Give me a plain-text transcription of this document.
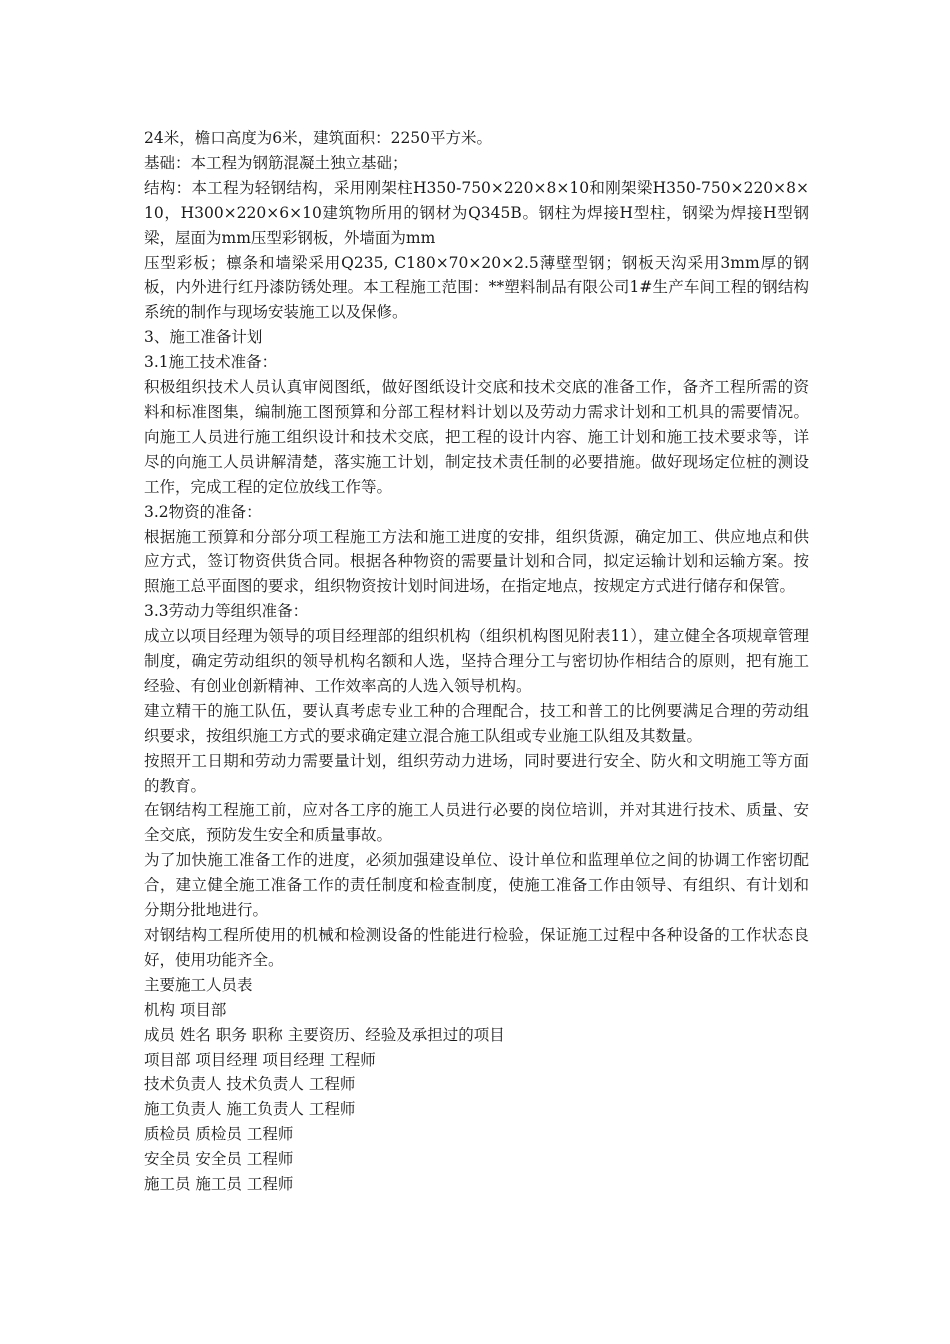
24米，檐口高度为6米，建筑面积：2250平方米。

基础：本工程为钢筋混凝土独立基础；

结构：本工程为轻钢结构，采用刚架柱H350-750×220×8×10和刚架梁H350-750×220×8×10，H300×220×6×10建筑物所用的钢材为Q345B。钢柱为焊接H型柱，钢梁为焊接H型钢梁，屋面为mm压型彩钢板，外墙面为mm

压型彩板；檩条和墙梁采用Q235, C180×70×20×2.5薄壁型钢；钢板天沟采用3mm厚的钢板，内外进行红丹漆防锈处理。本工程施工范围：**塑料制品有限公司1#生产车间工程的钢结构系统的制作与现场安装施工以及保修。

3、施工准备计划

3.1施工技术准备：

积极组织技术人员认真审阅图纸，做好图纸设计交底和技术交底的准备工作，备齐工程所需的资料和标准图集，编制施工图预算和分部工程材料计划以及劳动力需求计划和工机具的需要情况。向施工人员进行施工组织设计和技术交底，把工程的设计内容、施工计划和施工技术要求等，详尽的向施工人员讲解清楚，落实施工计划，制定技术责任制的必要措施。做好现场定位桩的测设工作，完成工程的定位放线工作等。

3.2物资的准备：

根据施工预算和分部分项工程施工方法和施工进度的安排，组织货源，确定加工、供应地点和供应方式，签订物资供货合同。根据各种物资的需要量计划和合同，拟定运输计划和运输方案。按照施工总平面图的要求，组织物资按计划时间进场，在指定地点，按规定方式进行储存和保管。

3.3劳动力等组织准备：

成立以项目经理为领导的项目经理部的组织机构（组织机构图见附表11），建立健全各项规章管理制度，确定劳动组织的领导机构名额和人选，坚持合理分工与密切协作相结合的原则，把有施工经验、有创业创新精神、工作效率高的人选入领导机构。

建立精干的施工队伍，要认真考虑专业工种的合理配合，技工和普工的比例要满足合理的劳动组织要求，按组织施工方式的要求确定建立混合施工队组或专业施工队组及其数量。

按照开工日期和劳动力需要量计划，组织劳动力进场，同时要进行安全、防火和文明施工等方面的教育。

在钢结构工程施工前，应对各工序的施工人员进行必要的岗位培训，并对其进行技术、质量、安全交底，预防发生安全和质量事故。

为了加快施工准备工作的进度，必须加强建设单位、设计单位和监理单位之间的协调工作密切配合，建立健全施工准备工作的责任制度和检查制度，使施工准备工作由领导、有组织、有计划和分期分批地进行。

对钢结构工程所使用的机械和检测设备的性能进行检验，保证施工过程中各种设备的工作状态良好，使用功能齐全。

主要施工人员表

机构 项目部

成员 姓名 职务 职称 主要资历、经验及承担过的项目

项目部 项目经理 项目经理 工程师

技术负责人 技术负责人 工程师

施工负责人 施工负责人 工程师

质检员 质检员 工程师

安全员 安全员 工程师

施工员 施工员 工程师
